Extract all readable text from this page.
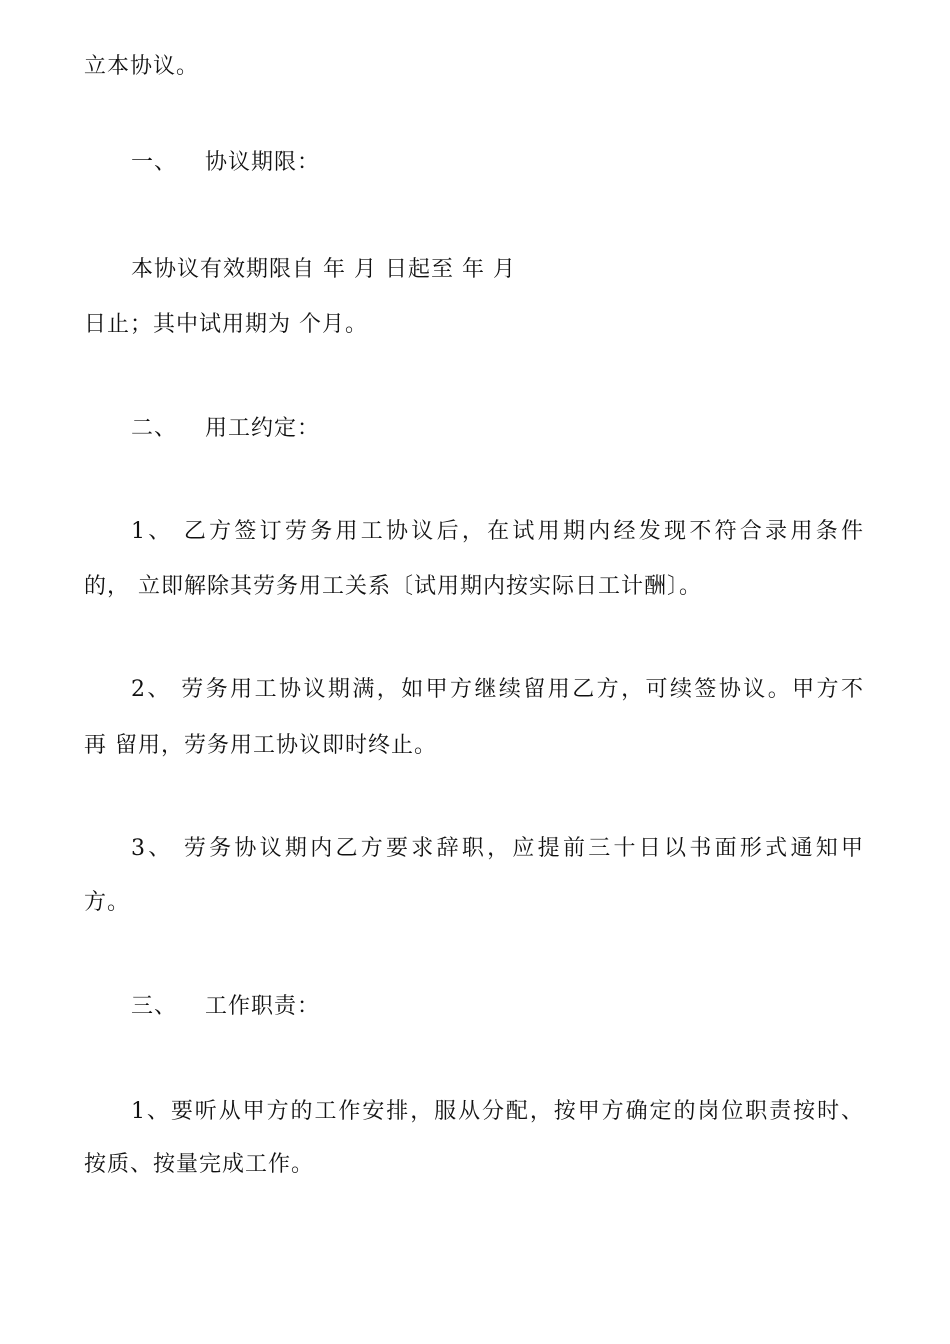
立本协议。
一、 协议期限：
本协议有效期限自 年 月 日起至 年 月
日止；其中试用期为 个月。
二、 用工约定：
1、 乙方签订劳务用工协议后，在试用期内经发现不符合录用条件
的， 立即解除其劳务用工关系〔试用期内按实际日工计酬〕。
2、 劳务用工协议期满，如甲方继续留用乙方，可续签协议。甲方不
再 留用，劳务用工协议即时终止。
3、 劳务协议期内乙方要求辞职，应提前三十日以书面形式通知甲
方。
三、 工作职责：
1、要听从甲方的工作安排，服从分配，按甲方确定的岗位职责按时、
按质、按量完成工作。
